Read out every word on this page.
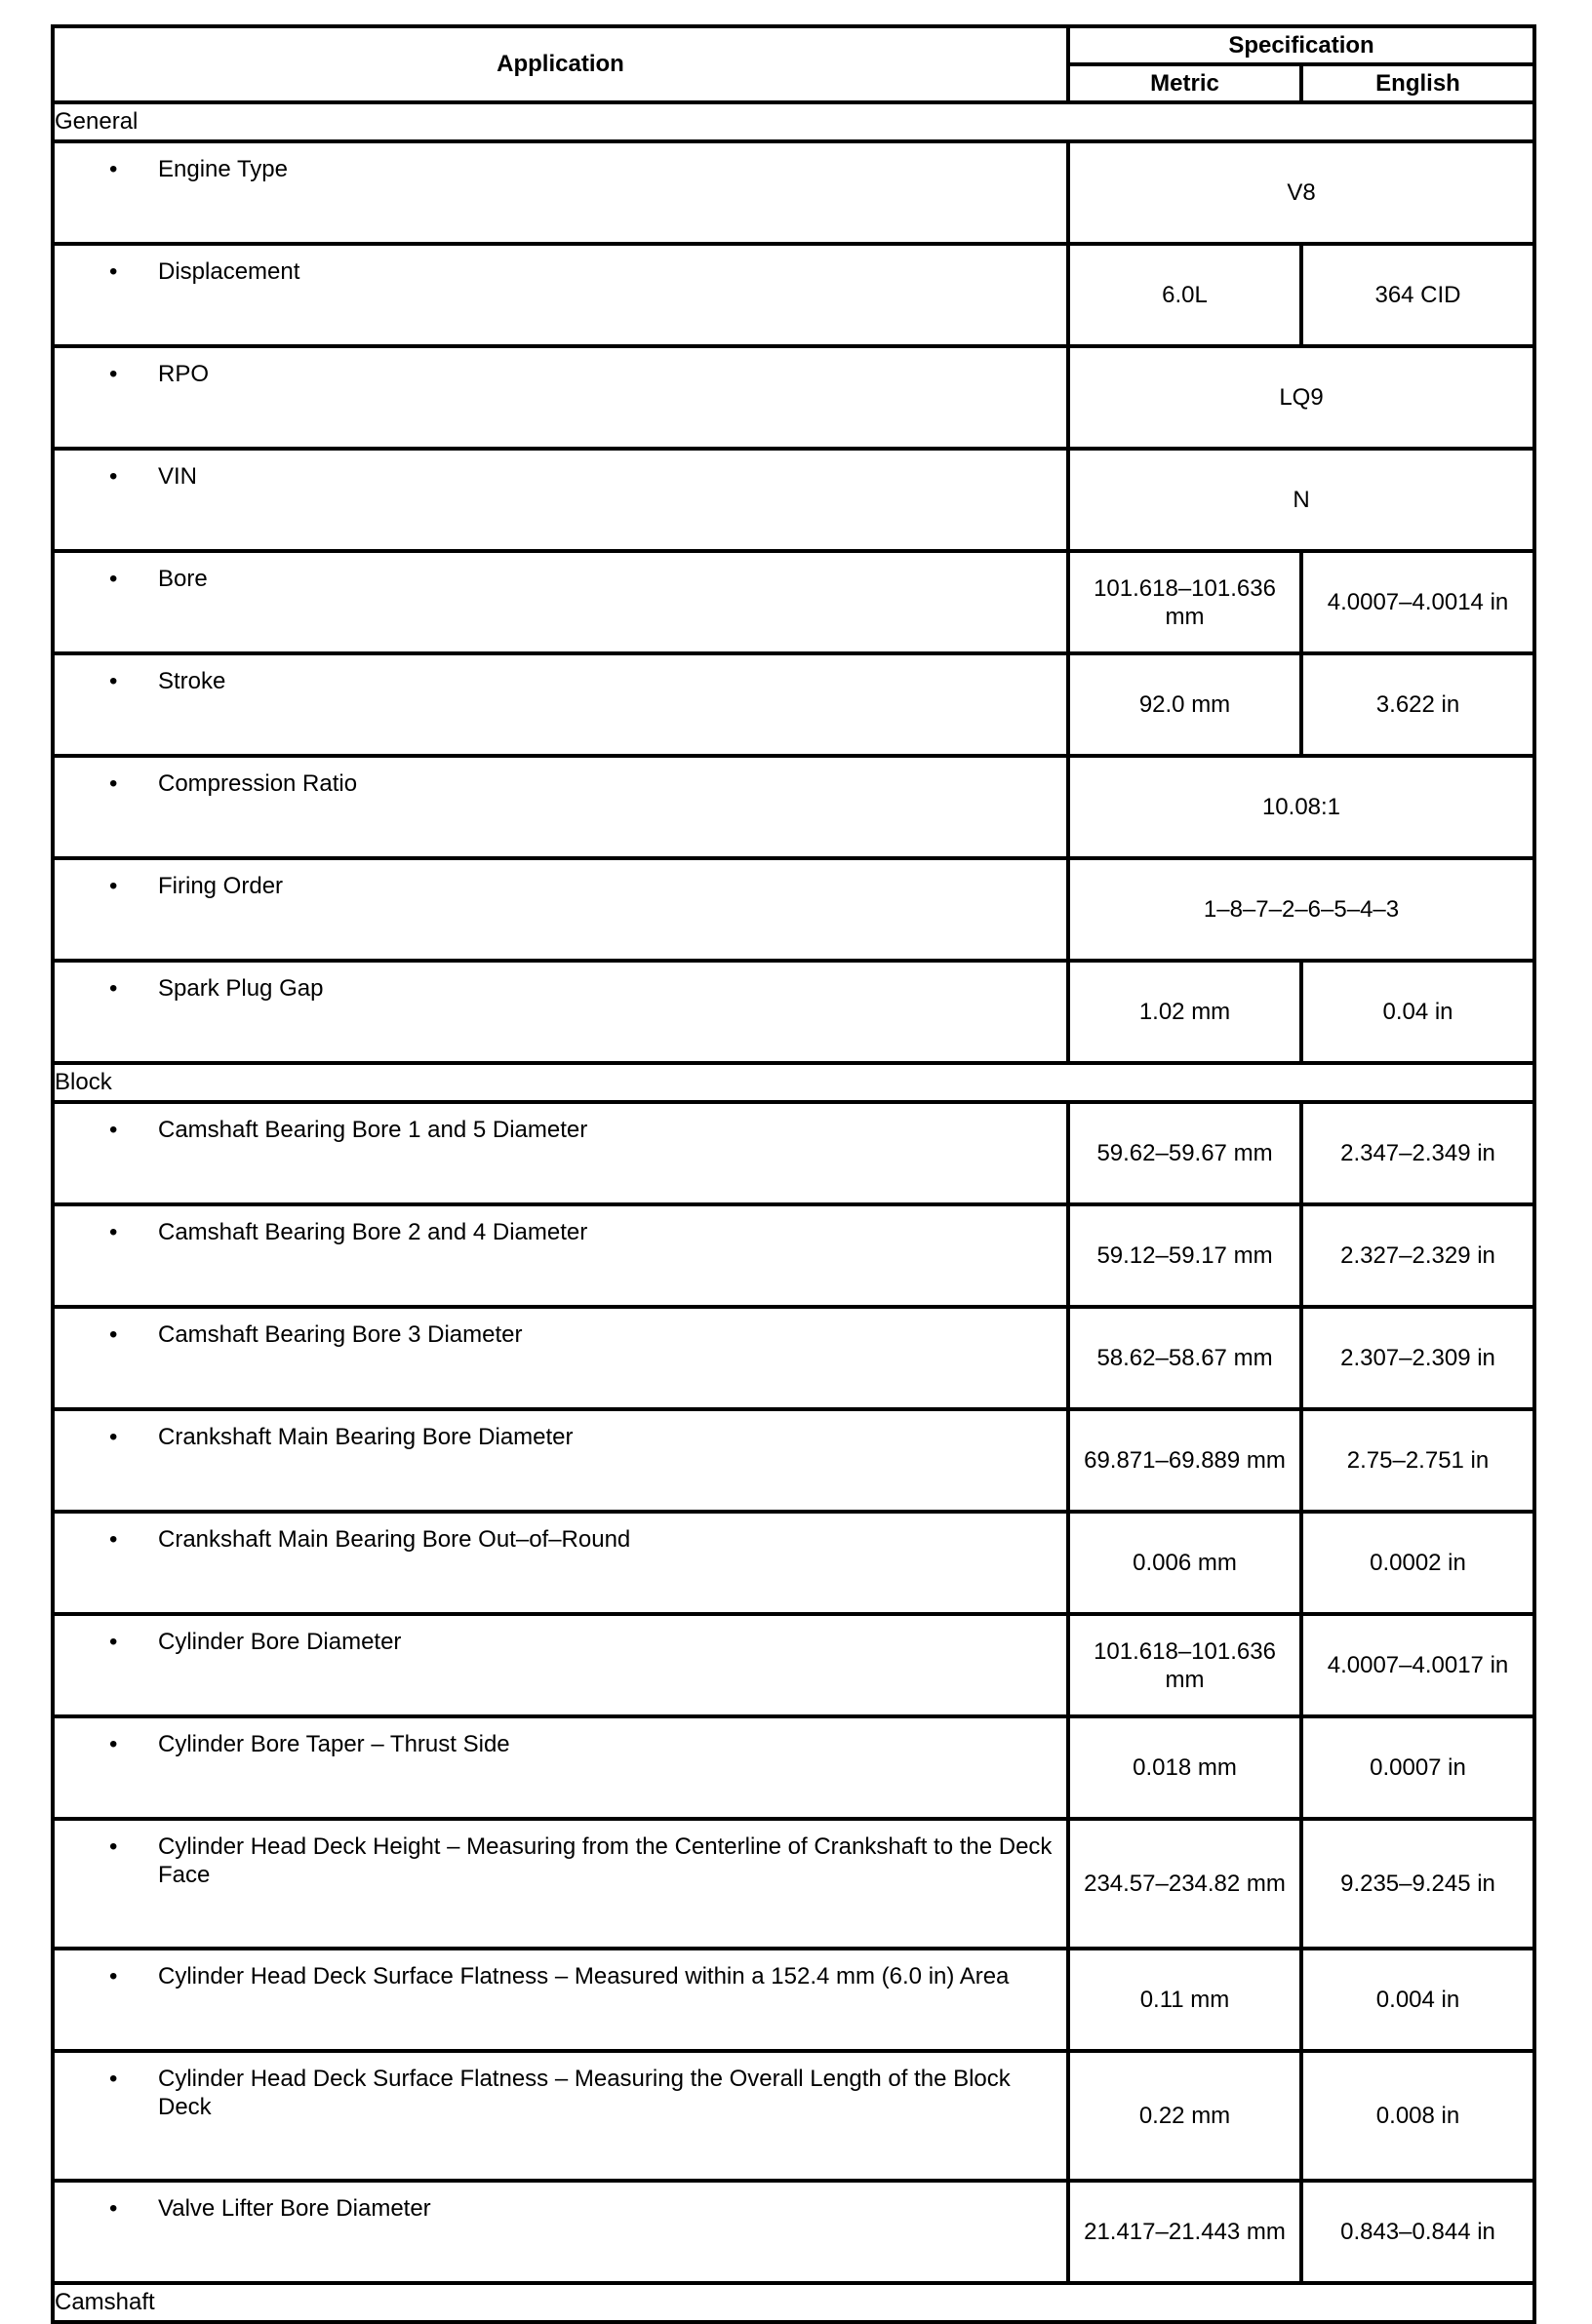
Application	Specification	
	Metric	English
General		

• Engine Type	V8	

• Displacement	6.0L	364 CID

• RPO	LQ9	

• VIN	N	

• Bore	101.618–101.636 mm	4.0007–4.0014 in

• Stroke	92.0 mm	3.622 in

• Compression Ratio	10.08:1	

• Firing Order	1–8–7–2–6–5–4–3	

• Spark Plug Gap	1.02 mm	0.04 in
Block		

• Camshaft Bearing Bore 1 and 5 Diameter	59.62–59.67 mm	2.347–2.349 in

• Camshaft Bearing Bore 2 and 4 Diameter	59.12–59.17 mm	2.327–2.329 in

• Camshaft Bearing Bore 3 Diameter	58.62–58.67 mm	2.307–2.309 in

• Crankshaft Main Bearing Bore Diameter	69.871–69.889 mm	2.75–2.751 in

• Crankshaft Main Bearing Bore Out–of–Round	0.006 mm	0.0002 in

• Cylinder Bore Diameter	101.618–101.636 mm	4.0007–4.0017 in

• Cylinder Bore Taper – Thrust Side	0.018 mm	0.0007 in

• Cylinder Head Deck Height – Measuring from the Centerline of Crankshaft to the Deck Face	234.57–234.82 mm	9.235–9.245 in

• Cylinder Head Deck Surface Flatness – Measured within a 152.4 mm (6.0 in) Area	0.11 mm	0.004 in

• Cylinder Head Deck Surface Flatness – Measuring the Overall Length of the Block Deck	0.22 mm	0.008 in

• Valve Lifter Bore Diameter	21.417–21.443 mm	0.843–0.844 in
Camshaft		
